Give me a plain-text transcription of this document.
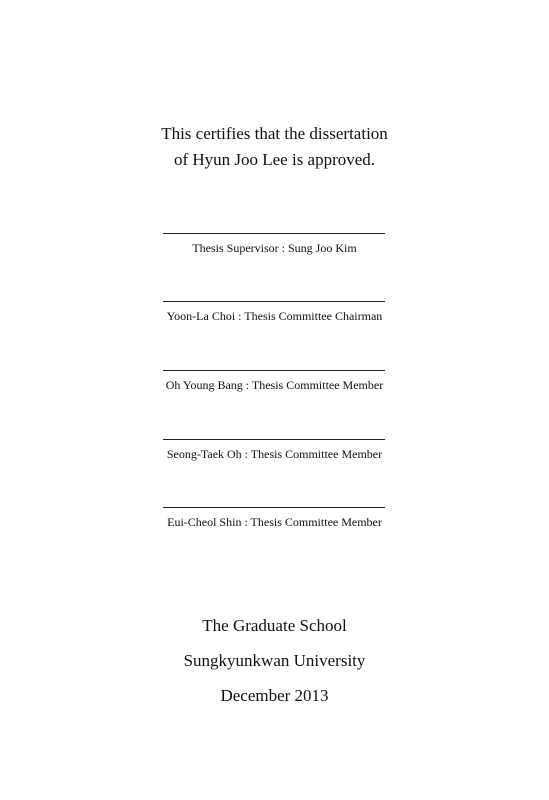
This certifies that the dissertation
of Hyun Joo Lee is approved.
Thesis Supervisor : Sung Joo Kim
Yoon-La Choi : Thesis Committee Chairman
Oh Young Bang : Thesis Committee Member
Seong-Taek Oh : Thesis Committee Member
Eui-Cheol Shin : Thesis Committee Member
The Graduate School
Sungkyunkwan University
December 2013
